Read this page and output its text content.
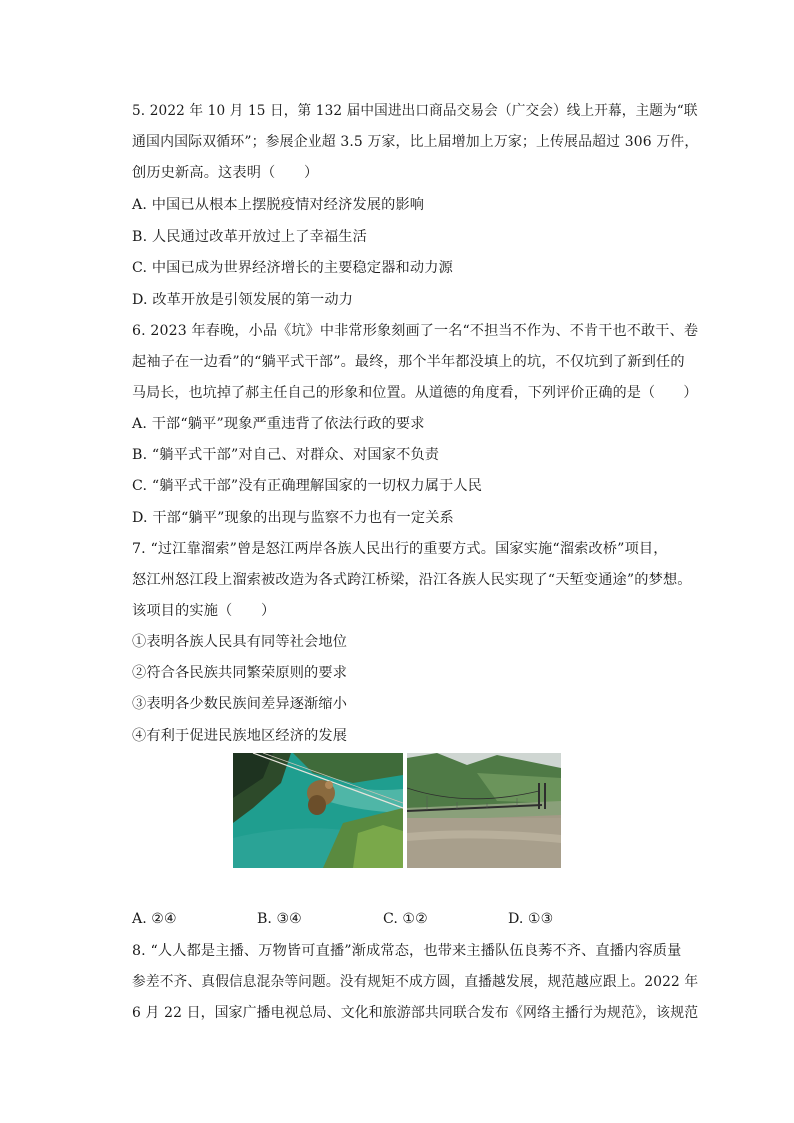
5. 2022 年 10 月 15 日，第 132 届中国进出口商品交易会（广交会）线上开幕，主题为“联
通国内国际双循环”；参展企业超 3.5 万家，比上届增加上万家；上传展品超过 306 万件，
创历史新高。这表明（　　）
A. 中国已从根本上摆脱疫情对经济发展的影响
B. 人民通过改革开放过上了幸福生活
C. 中国已成为世界经济增长的主要稳定器和动力源
D. 改革开放是引领发展的第一动力
6. 2023 年春晚，小品《坑》中非常形象刻画了一名“不担当不作为、不肯干也不敢干、卷
起袖子在一边看”的“躺平式干部”。最终，那个半年都没填上的坑，不仅坑到了新到任的
马局长，也坑掉了郝主任自己的形象和位置。从道德的角度看，下列评价正确的是（　　）
A. 干部“躺平”现象严重违背了依法行政的要求
B. “躺平式干部”对自己、对群众、对国家不负责
C. “躺平式干部”没有正确理解国家的一切权力属于人民
D. 干部“躺平”现象的出现与监察不力也有一定关系
7. “过江靠溜索”曾是怒江两岸各族人民出行的重要方式。国家实施“溜索改桥”项目，
怒江州怒江段上溜索被改造为各式跨江桥梁，沿江各族人民实现了“天堑变通途”的梦想。
该项目的实施（　　）
①表明各族人民具有同等社会地位
②符合各民族共同繁荣原则的要求
③表明各少数民族间差异逐渐缩小
④有利于促进民族地区经济的发展
A. ②④	B. ③④	C. ①②	D. ①③
8. “人人都是主播、万物皆可直播”渐成常态，也带来主播队伍良莠不齐、直播内容质量
参差不齐、真假信息混杂等问题。没有规矩不成方圆，直播越发展，规范越应跟上。2022 年
6 月 22 日，国家广播电视总局、文化和旅游部共同联合发布《网络主播行为规范》，该规范
